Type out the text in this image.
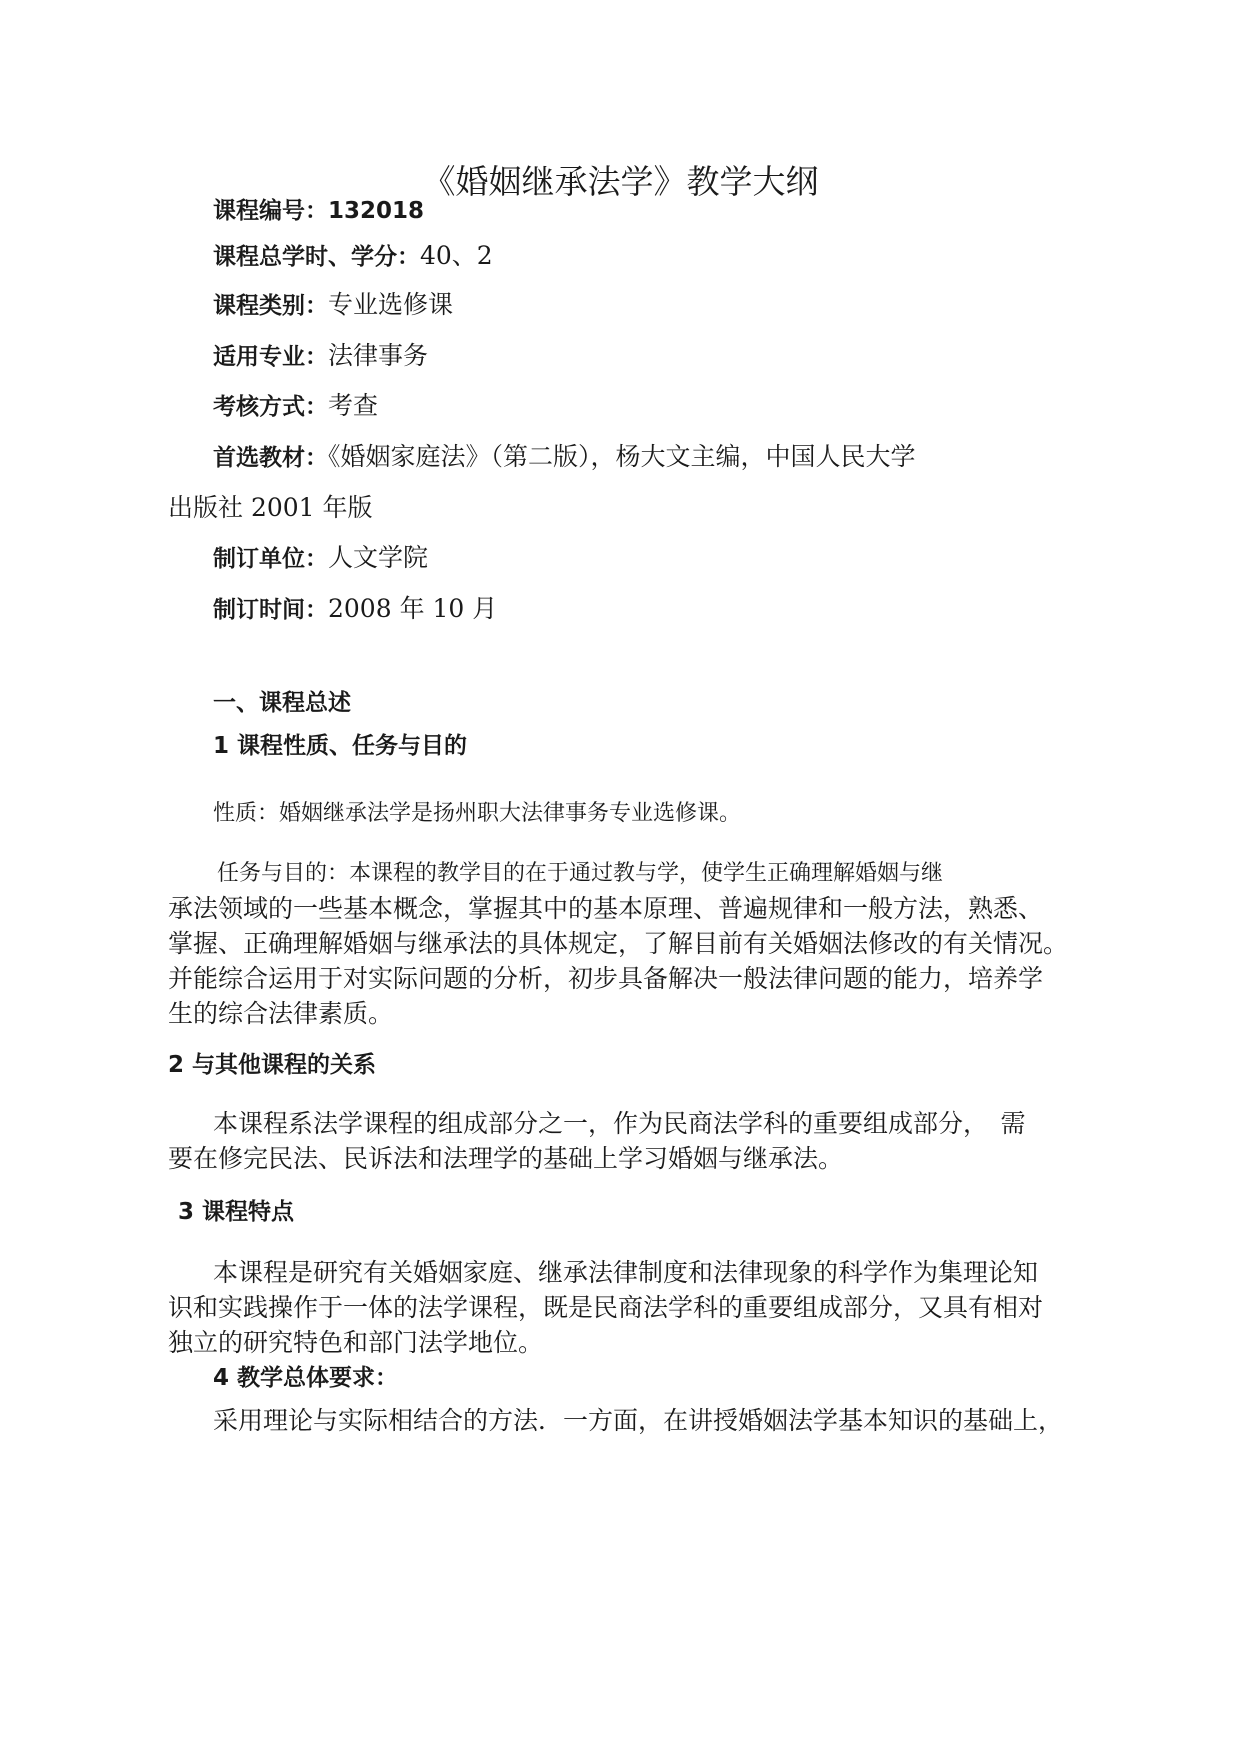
《婚姻继承法学》教学大纲
课程编号：132018
课程总学时、学分：40、2
课程类别：专业选修课
适用专业：法律事务
考核方式：考查
首选教材：《婚姻家庭法》（第二版），杨大文主编，中国人民大学
出版社 2001 年版
制订单位：人文学院
制订时间：2008 年 10 月
一、课程总述
1 课程性质、任务与目的
性质：婚姻继承法学是扬州职大法律事务专业选修课。
任务与目的：本课程的教学目的在于通过教与学，使学生正确理解婚姻与继
承法领域的一些基本概念，掌握其中的基本原理、普遍规律和一般方法，熟悉、
掌握、正确理解婚姻与继承法的具体规定，了解目前有关婚姻法修改的有关情况。
并能综合运用于对实际问题的分析，初步具备解决一般法律问题的能力，培养学
生的综合法律素质。
2 与其他课程的关系
本课程系法学课程的组成部分之一，作为民商法学科的重要组成部分，　需
要在修完民法、民诉法和法理学的基础上学习婚姻与继承法。
3 课程特点
本课程是研究有关婚姻家庭、继承法律制度和法律现象的科学作为集理论知
识和实践操作于一体的法学课程，既是民商法学科的重要组成部分，又具有相对
独立的研究特色和部门法学地位。
4 教学总体要求：
采用理论与实际相结合的方法．一方面，在讲授婚姻法学基本知识的基础上，
